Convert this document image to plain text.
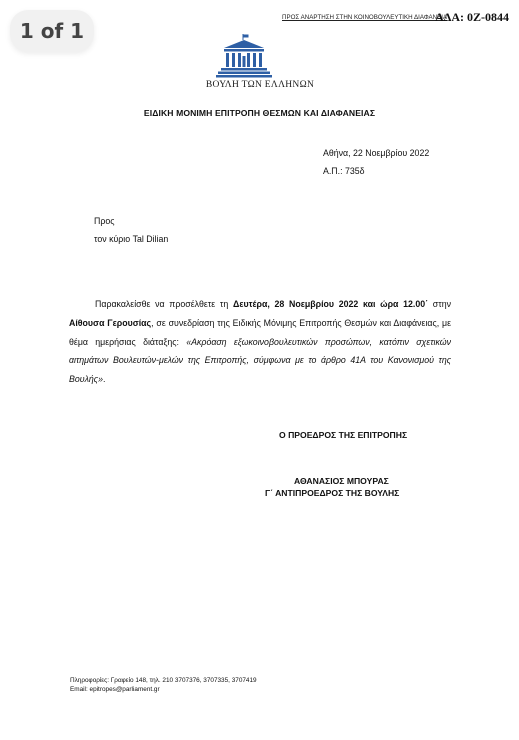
1 of 1
ΠΡΟΣ ΑΝΑΡΤΗΣΗ ΣΤΗΝ ΚΟΙΝΟΒΟΥΛΕΥΤΙΚΗ ΔΙΑΦΑΝΕΙΑ
ΑΔΑ: 0Ζ-0844
ΒΟΥΛΗ ΤΩΝ ΕΛΛΗΝΩΝ
ΕΙΔΙΚΗ ΜΟΝΙΜΗ ΕΠΙΤΡΟΠΗ ΘΕΣΜΩΝ ΚΑΙ ΔΙΑΦΑΝΕΙΑΣ
Αθήνα, 22 Νοεμβρίου 2022
Α.Π.: 735δ
Προς
τον κύριο Tal Dilian
Παρακαλείσθε να προσέλθετε τη Δευτέρα, 28 Νοεμβρίου 2022 και ώρα 12.00΄ στην Αίθουσα Γερουσίας, σε συνεδρίαση της Ειδικής Μόνιμης Επιτροπής Θεσμών και Διαφάνειας, με θέμα ημερήσιας διάταξης: «Ακρόαση εξωκοινοβουλευτικών προσώπων, κατόπιν σχετικών αιτημάτων Βουλευτών-μελών της Επιτροπής, σύμφωνα με το άρθρο 41Α του Κανονισμού της Βουλής».
Ο ΠΡΟΕΔΡΟΣ ΤΗΣ ΕΠΙΤΡΟΠΗΣ
ΑΘΑΝΑΣΙΟΣ ΜΠΟΥΡΑΣ
Γ΄ ΑΝΤΙΠΡΟΕΔΡΟΣ ΤΗΣ ΒΟΥΛΗΣ
Πληροφορίες: Γραφείο 148, τηλ. 210 3707376, 3707335, 3707419
Email: epitropes@parliament.gr
